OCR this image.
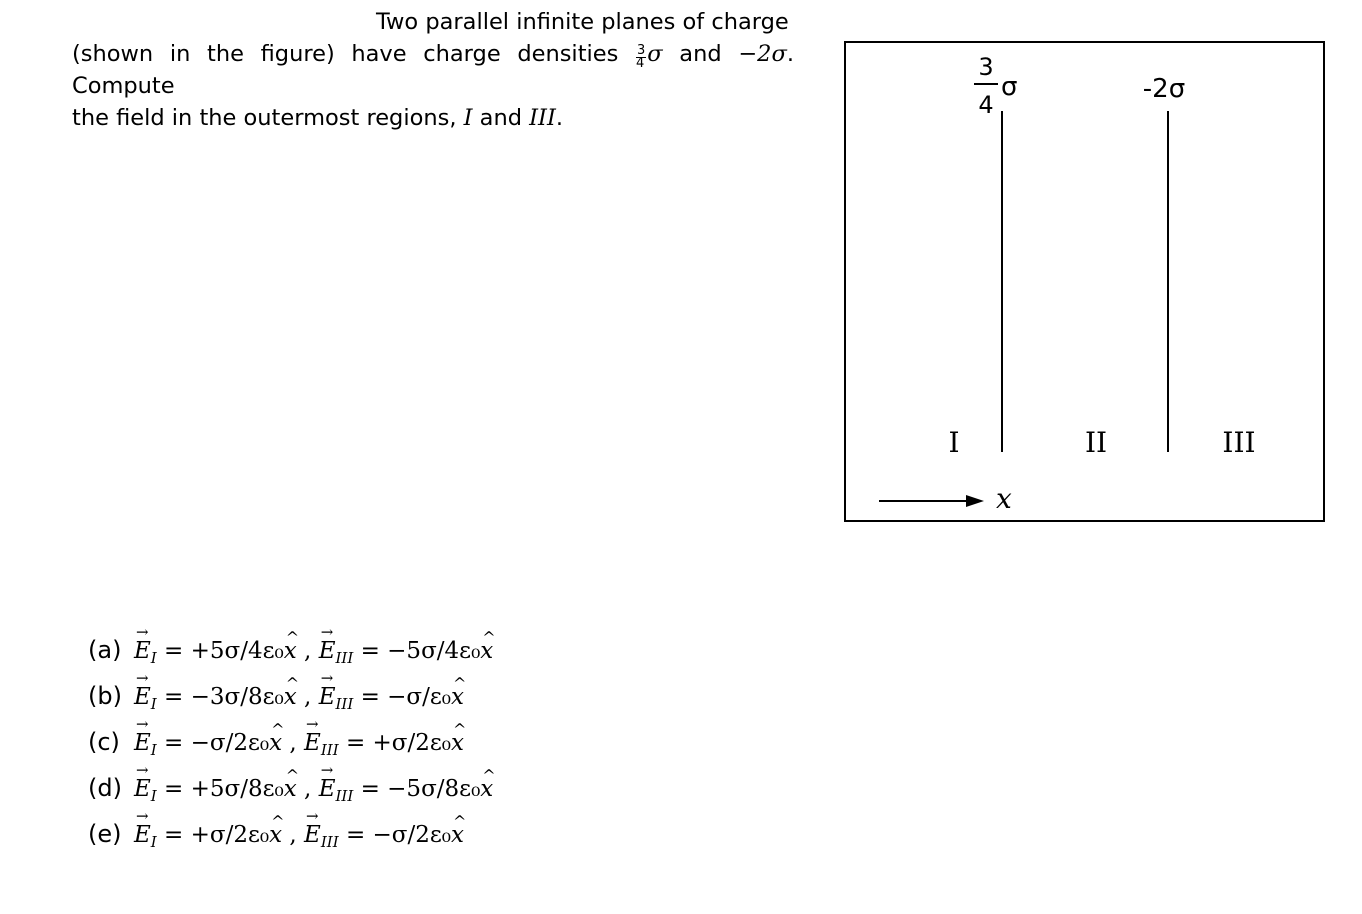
Two parallel infinite planes of charge
(shown in the figure) have charge densities $\frac{3}{4}$ σ and −2σ. Compute
the field in the outermost regions, I and III.
3
4
σ	-2σ
I	II	III
x
(a)
→ $E_I$ = +5σ/4ε₀^ x , → $E_{III}$ = −5σ/4ε₀^ x
(b)
→ $E_I$ = −3σ/8ε₀^ x , → $E_{III}$ = −σ/ε₀^ x
(c)
→ $E_I$ = −σ/2ε₀^ x , → $E_{III}$ = +σ/2ε₀^ x
(d)
→ $E_I$ = +5σ/8ε₀^ x , → $E_{III}$ = −5σ/8ε₀^ x
(e)
→ $E_I$ = +σ/2ε₀^ x , → $E_{III}$ = −σ/2ε₀^ x
